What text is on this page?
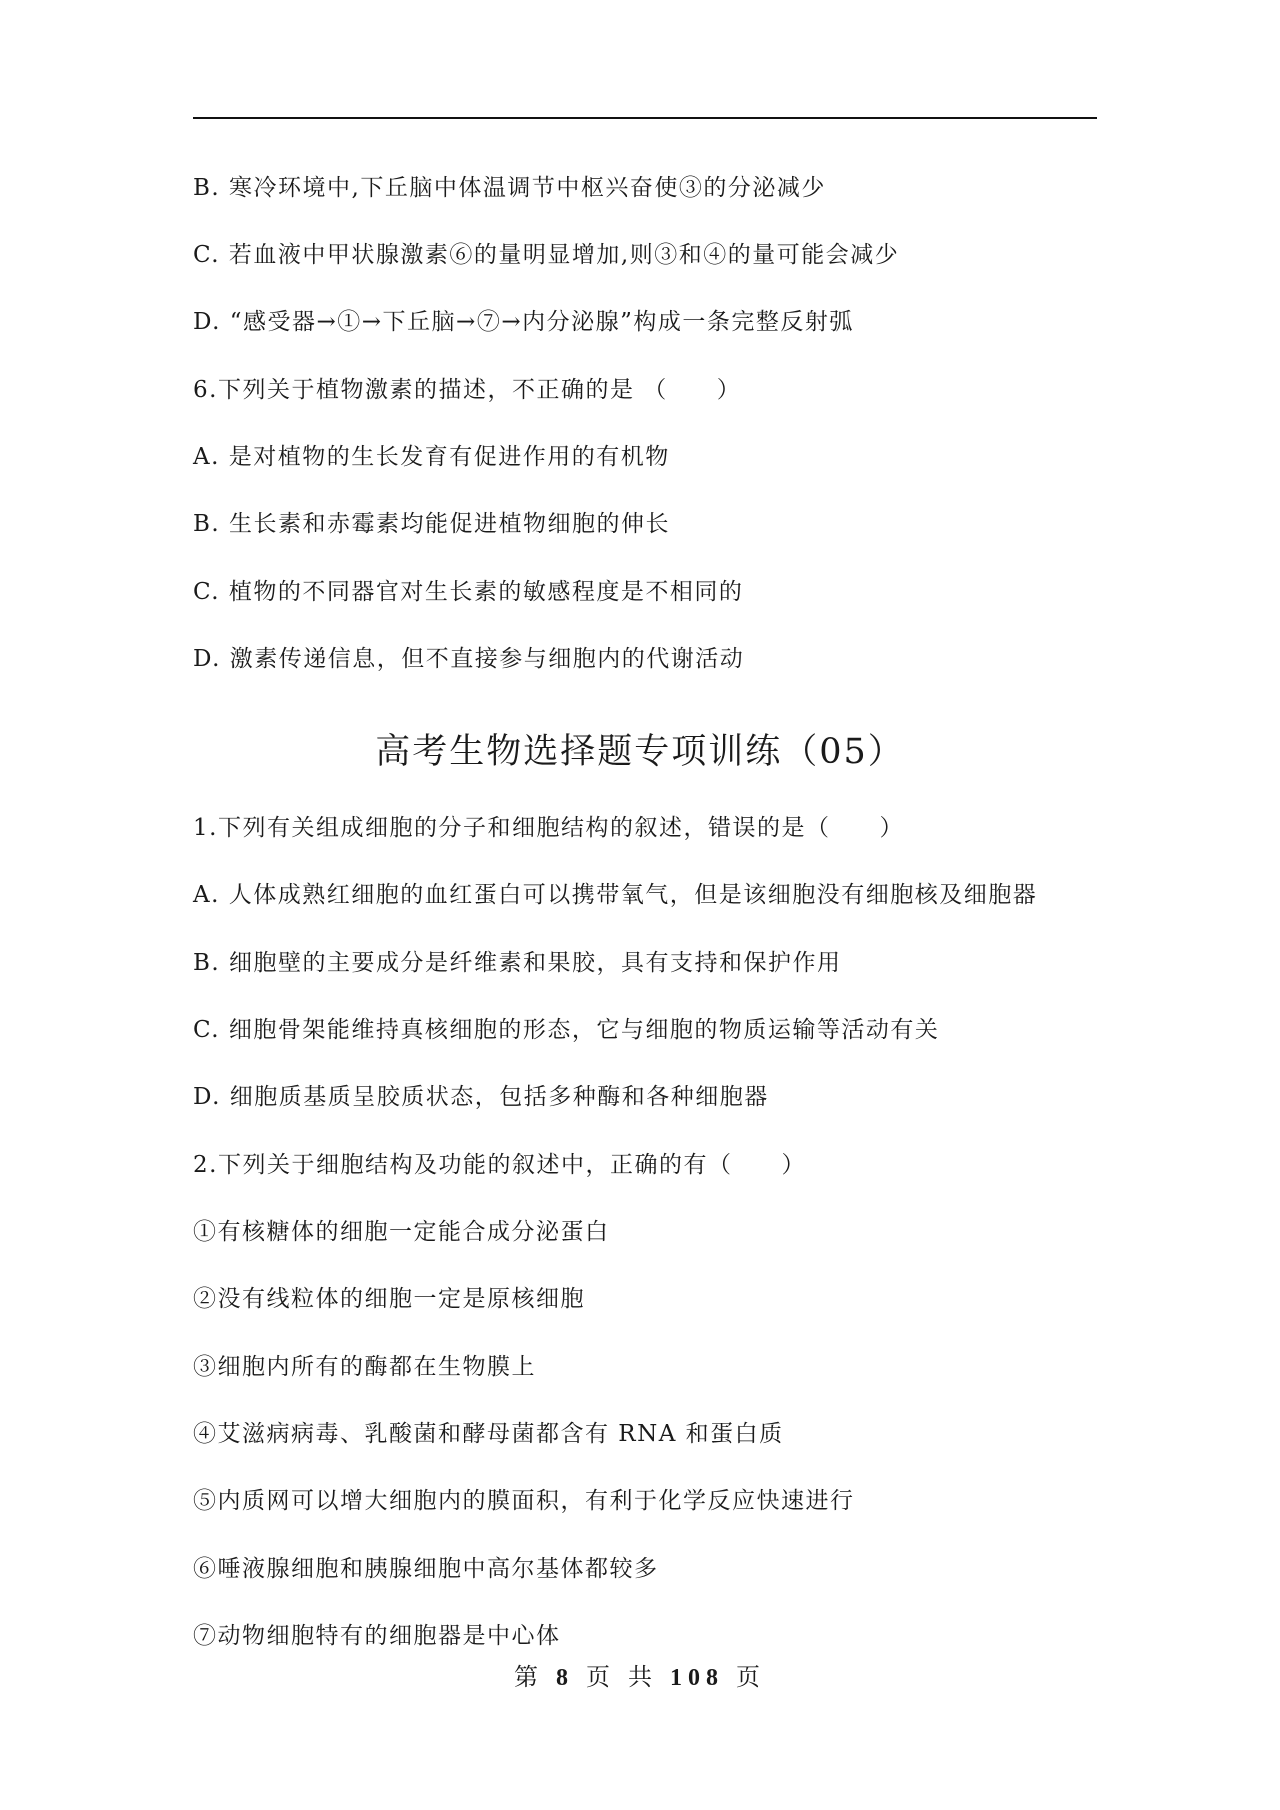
B. 寒冷环境中,下丘脑中体温调节中枢兴奋使③的分泌减少
C. 若血液中甲状腺激素⑥的量明显增加,则③和④的量可能会减少
D. “感受器→①→下丘脑→⑦→内分泌腺”构成一条完整反射弧
6.下列关于植物激素的描述，不正确的是 （　　）
A. 是对植物的生长发育有促进作用的有机物
B. 生长素和赤霉素均能促进植物细胞的伸长
C. 植物的不同器官对生长素的敏感程度是不相同的
D. 激素传递信息，但不直接参与细胞内的代谢活动
高考生物选择题专项训练（05）
1.下列有关组成细胞的分子和细胞结构的叙述，错误的是（　　）
A. 人体成熟红细胞的血红蛋白可以携带氧气，但是该细胞没有细胞核及细胞器
B. 细胞壁的主要成分是纤维素和果胶，具有支持和保护作用
C. 细胞骨架能维持真核细胞的形态，它与细胞的物质运输等活动有关
D. 细胞质基质呈胶质状态，包括多种酶和各种细胞器
2.下列关于细胞结构及功能的叙述中，正确的有（　　）
①有核糖体的细胞一定能合成分泌蛋白
②没有线粒体的细胞一定是原核细胞
③细胞内所有的酶都在生物膜上
④艾滋病病毒、乳酸菌和酵母菌都含有 RNA 和蛋白质
⑤内质网可以增大细胞内的膜面积，有利于化学反应快速进行
⑥唾液腺细胞和胰腺细胞中高尔基体都较多
⑦动物细胞特有的细胞器是中心体
第 8 页 共 108 页
